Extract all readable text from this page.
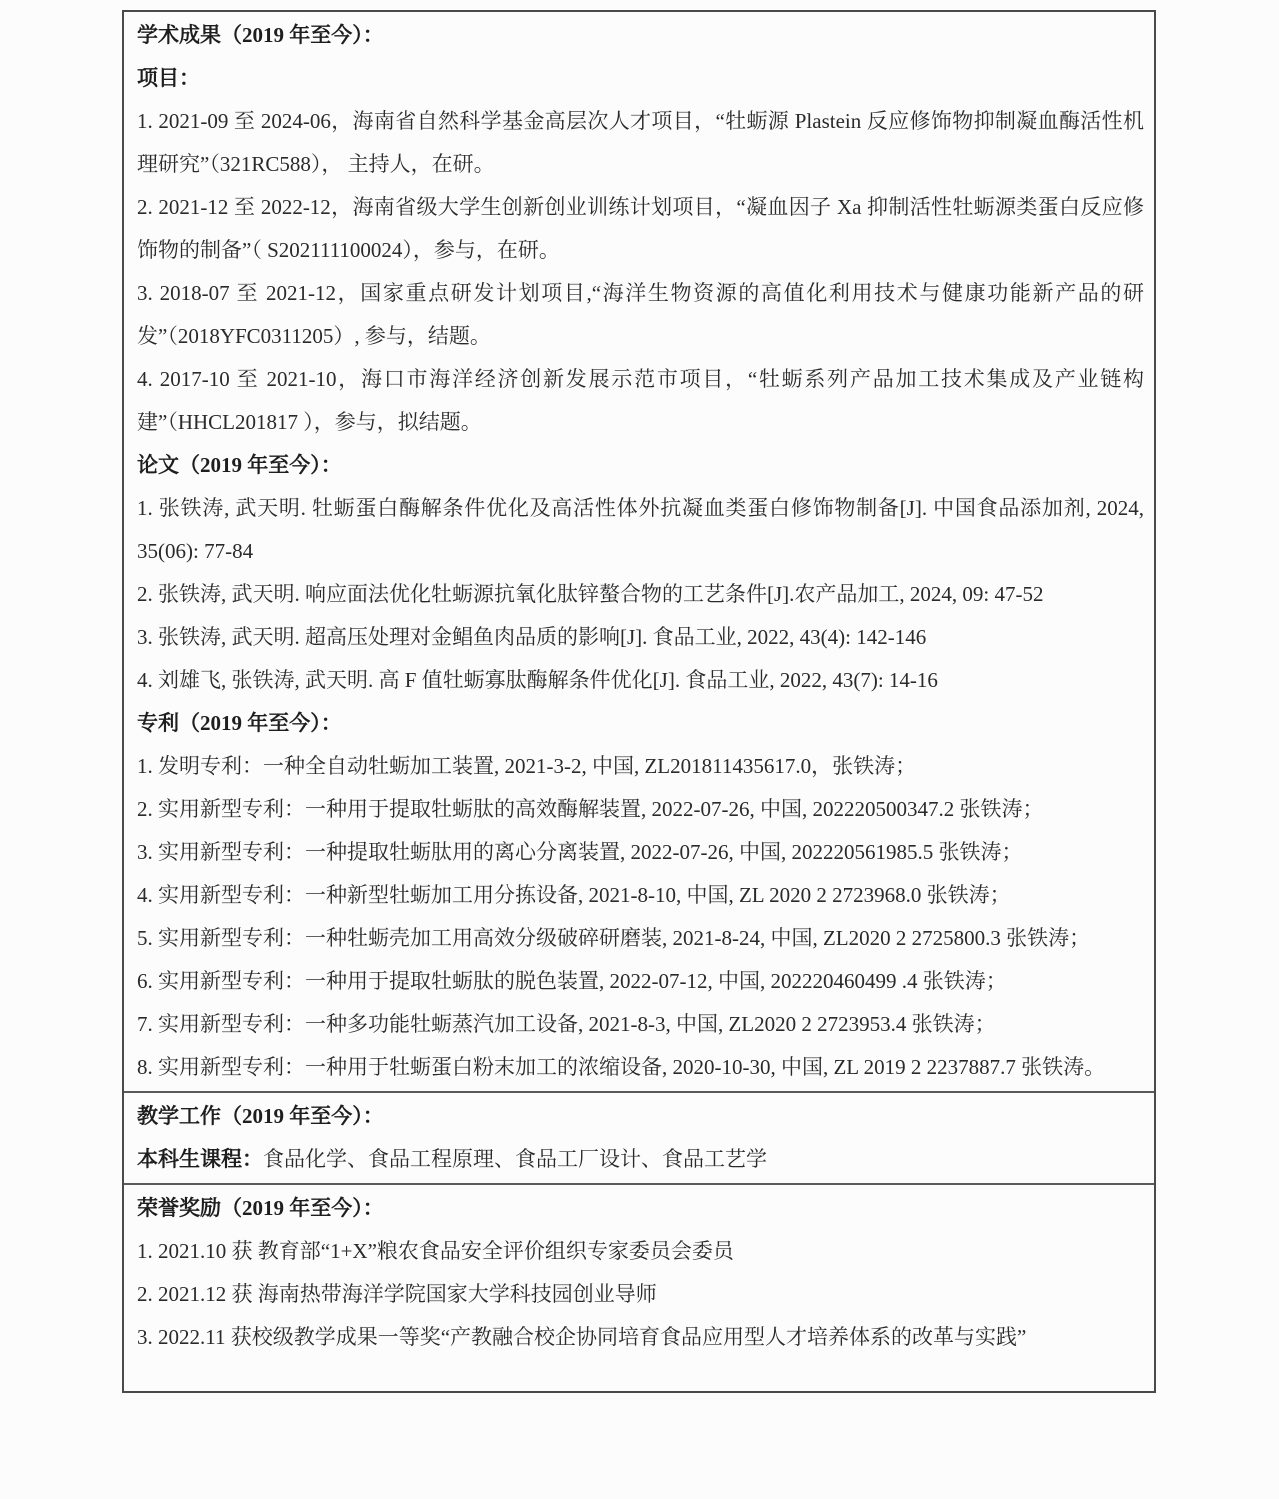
学术成果（2019 年至今）：
项目：

1. 2021-09 至 2024-06，海南省自然科学基金高层次人才项目，“牡蛎源 Plastein 反应修饰物抑制凝血酶活性机理研究”（321RC588）， 主持人，在研。

2. 2021-12 至 2022-12，海南省级大学生创新创业训练计划项目，“凝血因子 Xa 抑制活性牡蛎源类蛋白反应修饰物的制备”（ S202111100024），参与，在研。

3. 2018-07 至 2021-12，国家重点研发计划项目,“海洋生物资源的高值化利用技术与健康功能新产品的研发”（2018YFC0311205）, 参与，结题。

4. 2017-10 至 2021-10，海口市海洋经济创新发展示范市项目，“牡蛎系列产品加工技术集成及产业链构建”（HHCL201817 ），参与，拟结题。

论文（2019 年至今）：

1. 张铁涛, 武天明. 牡蛎蛋白酶解条件优化及高活性体外抗凝血类蛋白修饰物制备[J]. 中国食品添加剂, 2024, 35(06): 77-84

2. 张铁涛, 武天明. 响应面法优化牡蛎源抗氧化肽锌螯合物的工艺条件[J].农产品加工, 2024, 09: 47-52

3. 张铁涛, 武天明. 超高压处理对金鲳鱼肉品质的影响[J]. 食品工业, 2022, 43(4): 142-146

4. 刘雄飞, 张铁涛, 武天明. 高 F 值牡蛎寡肽酶解条件优化[J]. 食品工业, 2022, 43(7): 14-16

专利（2019 年至今）：

1. 发明专利：一种全自动牡蛎加工装置, 2021-3-2, 中国, ZL201811435617.0，张铁涛；

2. 实用新型专利：一种用于提取牡蛎肽的高效酶解装置, 2022-07-26, 中国, 202220500347.2 张铁涛；

3. 实用新型专利：一种提取牡蛎肽用的离心分离装置, 2022-07-26, 中国, 202220561985.5 张铁涛；

4. 实用新型专利：一种新型牡蛎加工用分拣设备, 2021-8-10, 中国, ZL 2020 2 2723968.0 张铁涛；

5. 实用新型专利：一种牡蛎壳加工用高效分级破碎研磨装, 2021-8-24, 中国, ZL2020 2 2725800.3 张铁涛；

6. 实用新型专利：一种用于提取牡蛎肽的脱色装置, 2022-07-12, 中国, 202220460499 .4 张铁涛；

7. 实用新型专利：一种多功能牡蛎蒸汽加工设备, 2021-8-3, 中国, ZL2020 2 2723953.4 张铁涛；

8. 实用新型专利：一种用于牡蛎蛋白粉末加工的浓缩设备, 2020-10-30, 中国, ZL 2019 2 2237887.7 张铁涛。

教学工作（2019 年至今）：

本科生课程：食品化学、食品工程原理、食品工厂设计、食品工艺学

荣誉奖励（2019 年至今）：

1. 2021.10 获 教育部“1+X”粮农食品安全评价组织专家委员会委员

2. 2021.12 获 海南热带海洋学院国家大学科技园创业导师

3. 2022.11 获校级教学成果一等奖“产教融合校企协同培育食品应用型人才培养体系的改革与实践”
